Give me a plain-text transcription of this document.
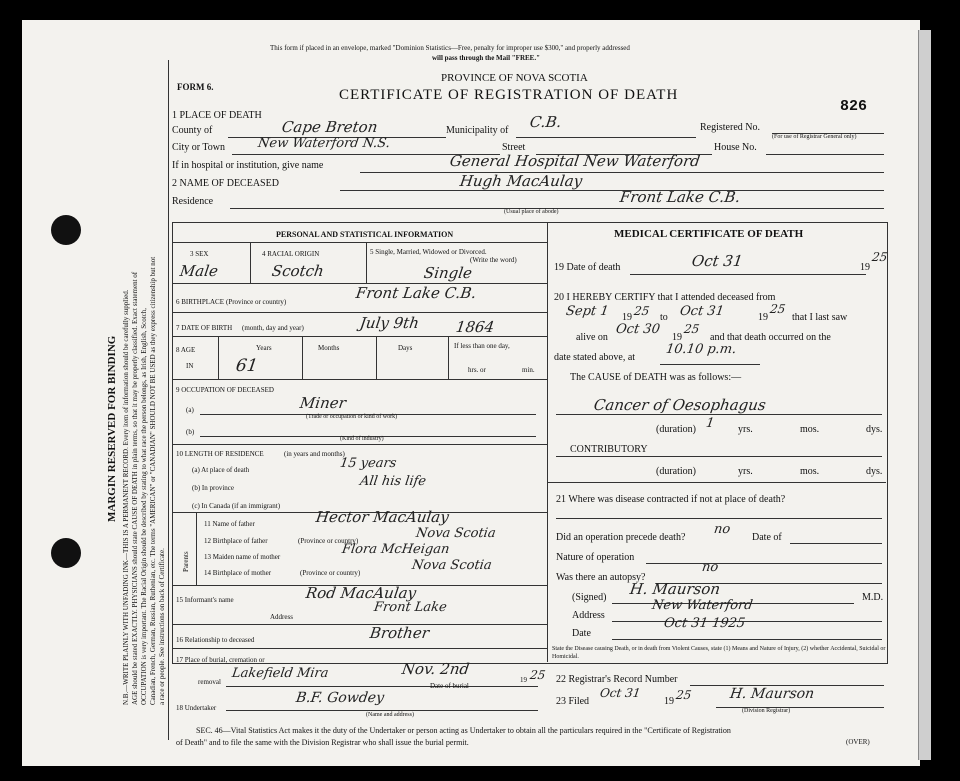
MARGIN RESERVED FOR BINDING N.B.—WRITE PLAINLY WITH UNFADING INK—THIS IS A PERMANENT RECORD. Every item of information should be carefully supplied. AGE should be stated EXACTLY. PHYSICIANS should state CAUSE OF DEATH in plain terms, so that it may be properly classified. Exact statement of OCCUPATION is very important. The Racial Origin should be described by stating to what race the person belongs, as Irish, English, Scotch, Canadian, French, German, Russian, Ruthenian, etc. The terms "AMERICAN" or "CANADIAN" SHOULD NOT BE USED as they express citizenship but not a race or people. See instructions on back of Certificate.
This form if placed in an envelope, marked "Dominion Statistics—Free, penalty for improper use $300," and properly addressed
will pass through the Mail "FREE."
FORM 6.
PROVINCE OF NOVA SCOTIA
CERTIFICATE OF REGISTRATION OF DEATH
826
1 PLACE OF DEATH
County of	Cape Breton	Municipality of C.B.	Registered No.
(For use of Registrar General only)
City or Town New Waterford N.S.	Street	House No.
If in hospital or institution, give name	General Hospital New Waterford
2 NAME OF DECEASED	Hugh MacAulay
Residence	Front Lake C.B.
(Usual place of abode)
PERSONAL AND STATISTICAL INFORMATION	MEDICAL CERTIFICATE OF DEATH
3 SEX
Male
4 RACIAL ORIGIN
Scotch
5 Single, Married, Widowed or Divorced.
(Write the word)
Single
6 BIRTHPLACE (Province or country)	Front Lake C.B.
7 DATE OF BIRTH (month, day and year)	July 9th 1864
8 AGE
IN
Years
61
Months	Days	If less than one day,
hrs. or	min.
9 OCCUPATION OF DECEASED
(a)	Miner
(Trade or occupation or kind of work)
(b)
(Kind of industry)
10 LENGTH OF RESIDENCE	(in years and months)
(a) At place of death	15 years
(b) In province	All his life
(c) In Canada (if an immigrant)
Parents
11 Name of father	Hector MacAulay
12 Birthplace of father	(Province or country)	Nova Scotia
13 Maiden name of mother	Flora McHeigan
14 Birthplace of mother	(Province or country)	Nova Scotia
15 Informant's name	Rod MacAulay
Address
Front Lake
16 Relationship to deceased	Brother
17 Place of burial, cremation or
removal
Lakefield Mira	Nov. 2nd
Date of burial
19 25
18 Undertaker
B.F. Gowdey
(Name and address)
19 Date of death	Oct 31	19
25
20 I HEREBY CERTIFY that I attended deceased from
Sept 1 19 25 to Oct 31	19
25
that I last saw
alive on
Oct 30
19
25
and that death occurred on the
date stated above, at
10.10 p.m.
The CAUSE of DEATH was as follows:—
Cancer of Oesophagus
(duration) 1 yrs.	mos.	dys.
CONTRIBUTORY
(duration)	yrs.	mos.	dys.
21 Where was disease contracted if not at place of death?
Did an operation precede death?
no
Date of
Nature of operation
Was there an autopsy?
no
(Signed) H. Maurson	M.D.
Address
New Waterford
Date
Oct 31 1925
State the Disease causing Death, or in death from Violent Causes, state (1) Means and Nature of Injury, (2) whether Accidental, Suicidal or Homicidal.
22 Registrar's Record Number
23 Filed
Oct 31
19 25	H. Maurson
(Division Registrar)
SEC. 46—Vital Statistics Act makes it the duty of the Undertaker or person acting as Undertaker to obtain all the particulars required in the "Certificate of Registration
of Death" and to file the same with the Division Registrar who shall issue the burial permit.	(OVER)
